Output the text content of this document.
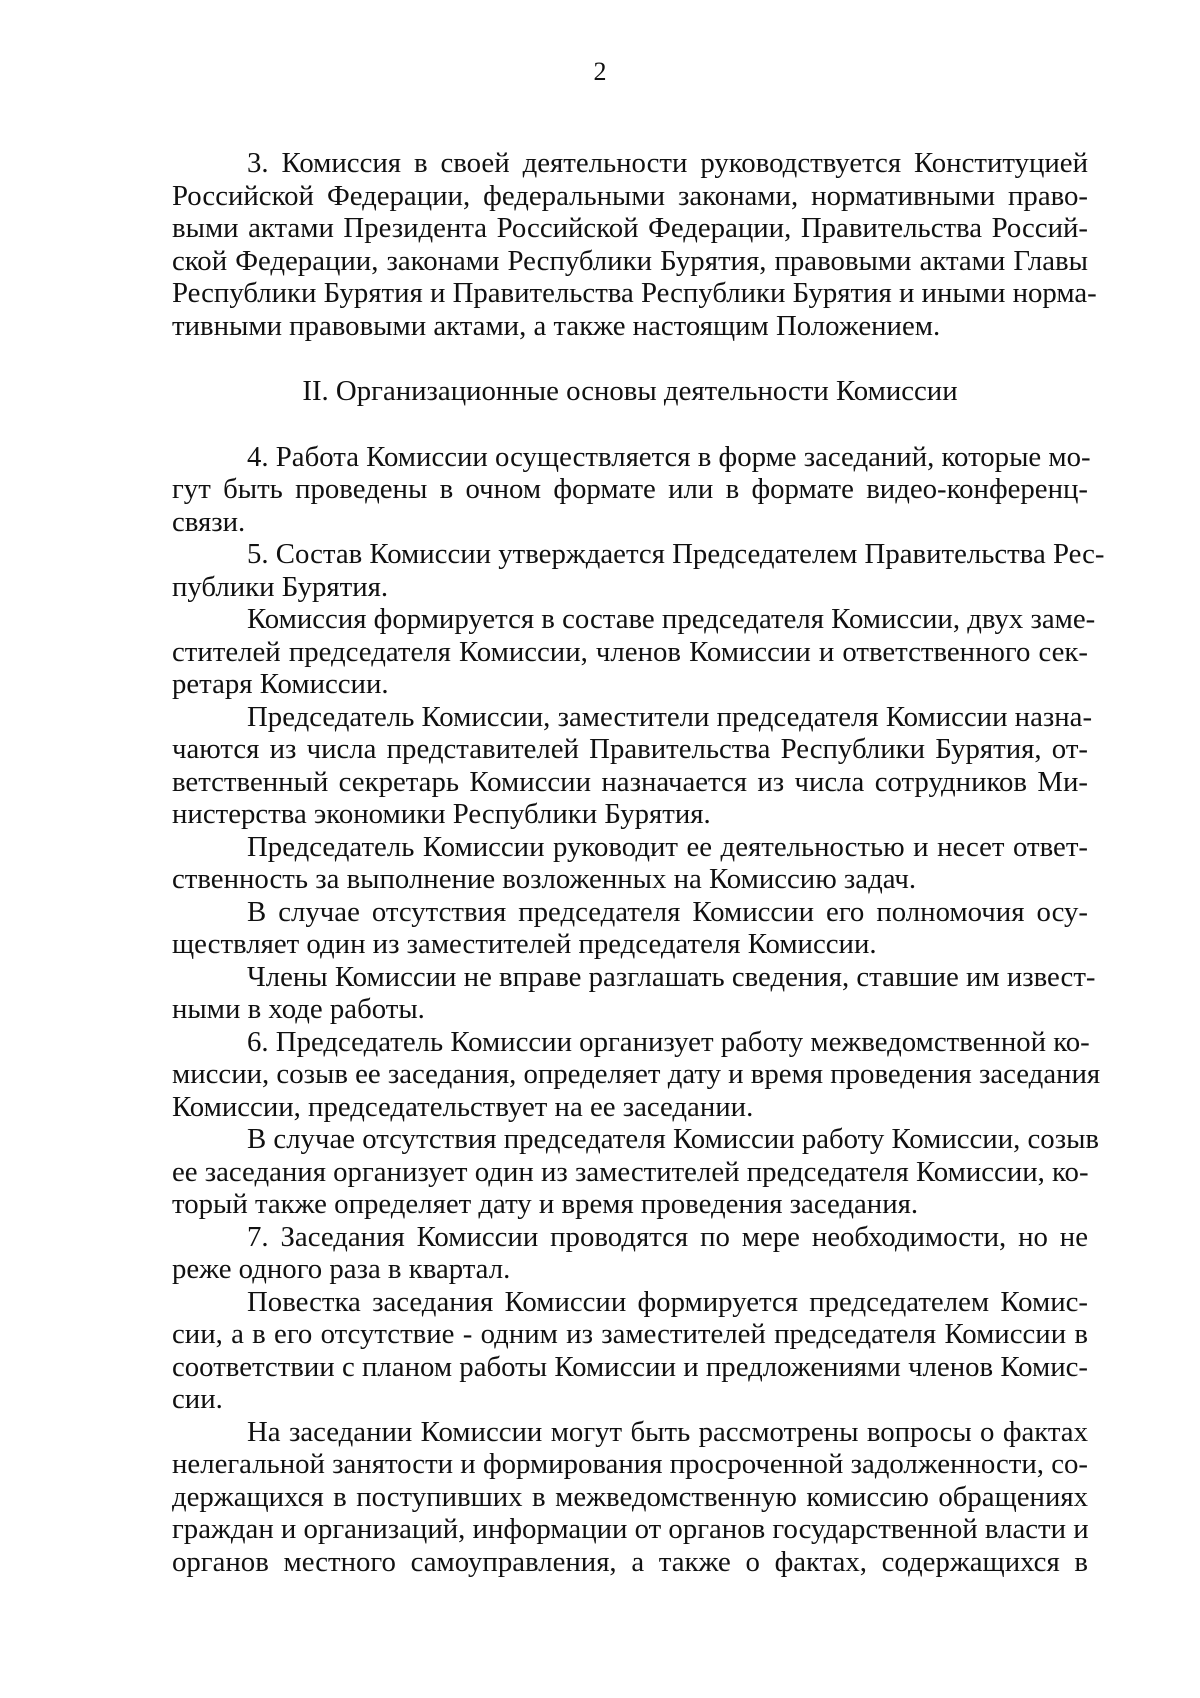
2
3. Комиссия в своей деятельности руководствуется Конституцией
Российской Федерации, федеральными законами, нормативными право-
выми актами Президента Российской Федерации, Правительства Россий-
ской Федерации, законами Республики Бурятия, правовыми актами Главы
Республики Бурятия и Правительства Республики Бурятия и иными норма-
тивными правовыми актами, а также настоящим Положением.
II. Организационные основы деятельности Комиссии
4. Работа Комиссии осуществляется в форме заседаний, которые мо-
гут быть проведены в очном формате или в формате видео-конференц-
связи.
5. Состав Комиссии утверждается Председателем Правительства Рес-
публики Бурятия.
Комиссия формируется в составе председателя Комиссии, двух заме-
стителей председателя Комиссии, членов Комиссии и ответственного сек-
ретаря Комиссии.
Председатель Комиссии, заместители председателя Комиссии назна-
чаются из числа представителей Правительства Республики Бурятия, от-
ветственный секретарь Комиссии назначается из числа сотрудников Ми-
нистерства экономики Республики Бурятия.
Председатель Комиссии руководит ее деятельностью и несет ответ-
ственность за выполнение возложенных на Комиссию задач.
В случае отсутствия председателя Комиссии его полномочия осу-
ществляет один из заместителей председателя Комиссии.
Члены Комиссии не вправе разглашать сведения, ставшие им извест-
ными в ходе работы.
6. Председатель Комиссии организует работу межведомственной ко-
миссии, созыв ее заседания, определяет дату и время проведения заседания
Комиссии, председательствует на ее заседании.
В случае отсутствия председателя Комиссии работу Комиссии, созыв
ее заседания организует один из заместителей председателя Комиссии, ко-
торый также определяет дату и время проведения заседания.
7. Заседания Комиссии проводятся по мере необходимости, но не
реже одного раза в квартал.
Повестка заседания Комиссии формируется председателем Комис-
сии, а в его отсутствие - одним из заместителей председателя Комиссии в
соответствии с планом работы Комиссии и предложениями членов Комис-
сии.
На заседании Комиссии могут быть рассмотрены вопросы о фактах
нелегальной занятости и формирования просроченной задолженности, со-
держащихся в поступивших в межведомственную комиссию обращениях
граждан и организаций, информации от органов государственной власти и
органов местного самоуправления, а также о фактах, содержащихся в
